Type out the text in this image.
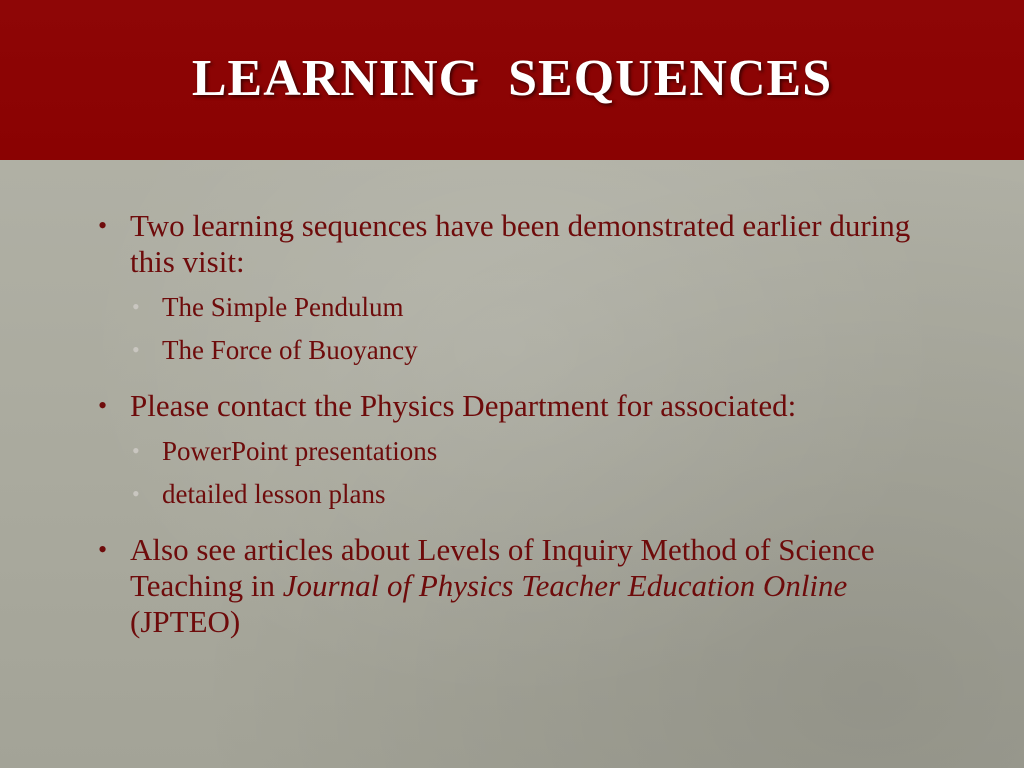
LEARNING SEQUENCES
• Two learning sequences have been demonstrated earlier during this visit:
• The Simple Pendulum
• The Force of Buoyancy
• Please contact the Physics Department for associated:
• PowerPoint presentations
• detailed lesson plans
• Also see articles about Levels of Inquiry Method of Science Teaching in Journal of Physics Teacher Education Online (JPTEO)
